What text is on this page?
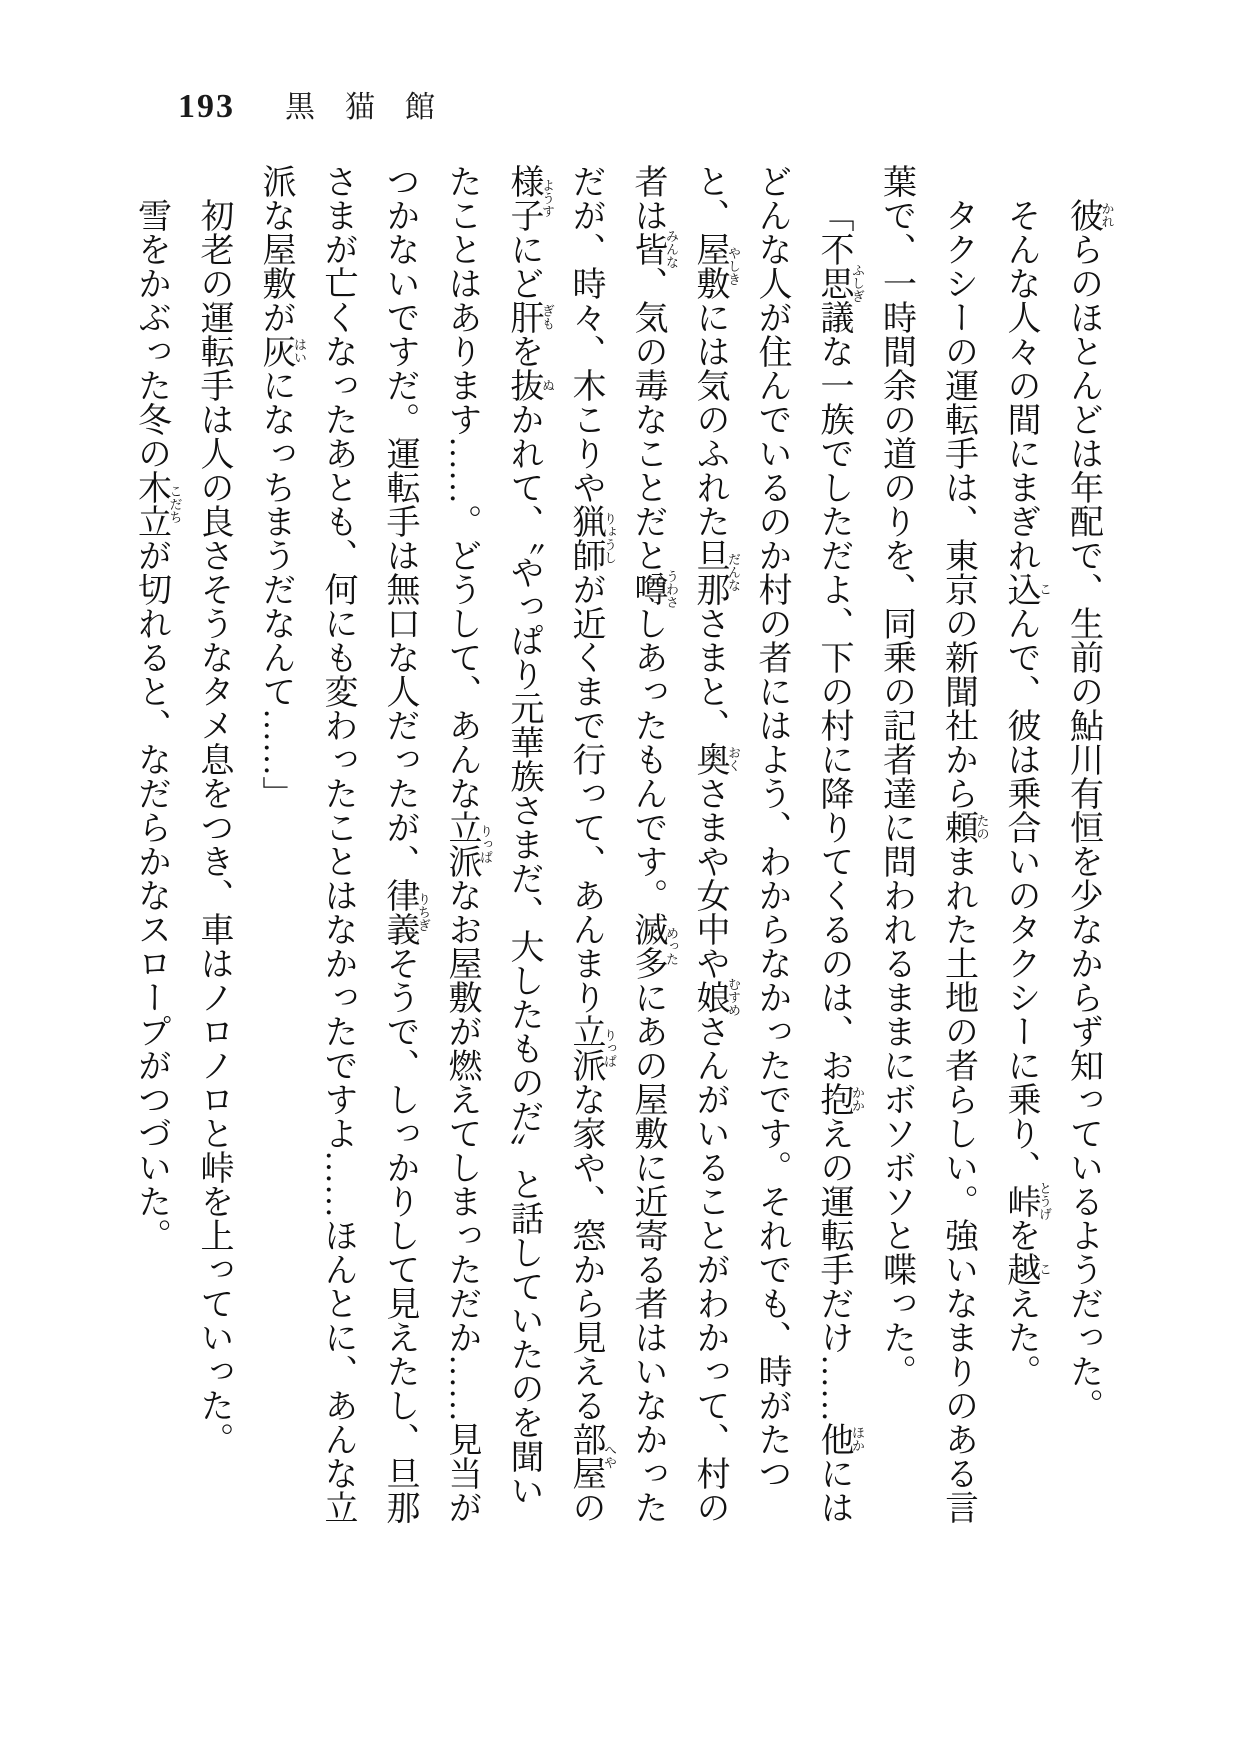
193 黒猫館

彼かれらのほとんどは年配で、生前の鮎川有恒を少なからず知っているようだった。

そんな人々の間にまぎれ込こんで、彼は乗合いのタクシーに乗り、峠とうげを越こえた。

タクシーの運転手は、東京の新聞社から頼たのまれた土地の者らしい。強いなまりのある言葉で、一時間余の道のりを、同乗の記者達に問われるままにボソボソと喋った。

「不思議ふしぎな一族でしただよ、下の村に降りてくるのは、お抱かかえの運転手だけ……他ほかにはどんな人が住んでいるのか村の者にはよう、わからなかったです。それでも、時がたつと、屋敷やしきには気のふれた旦那だんなさまと、奥おくさまや女中や娘むすめさんがいることがわかって、村の者は皆みんな、気の毒なことだと噂うわさしあったもんです。滅多めったにあの屋敷に近寄る者はいなかっただが、時々、木こりや猟師りょうしが近くまで行って、あんまり立派りっぱな家や、窓から見える部屋へやの様子ようすにど肝ぎもを抜ぬかれて、〝やっぱり元華族さまだ、大したものだ〟と話していたのを聞いたことはあります……。どうして、あんな立派りっぱなお屋敷が燃えてしまっただか……見当がつかないですだ。運転手は無口な人だったが、律義りちぎそうで、しっかりして見えたし、旦那さまが亡くなったあとも、何にも変わったことはなかったですよ……ほんとに、あんな立派な屋敷が灰はいになっちまうだなんて……」

初老の運転手は人の良さそうなタメ息をつき、車はノロノロと峠を上っていった。

雪をかぶった冬の木立こだちが切れると、なだらかなスロープがつづいた。
